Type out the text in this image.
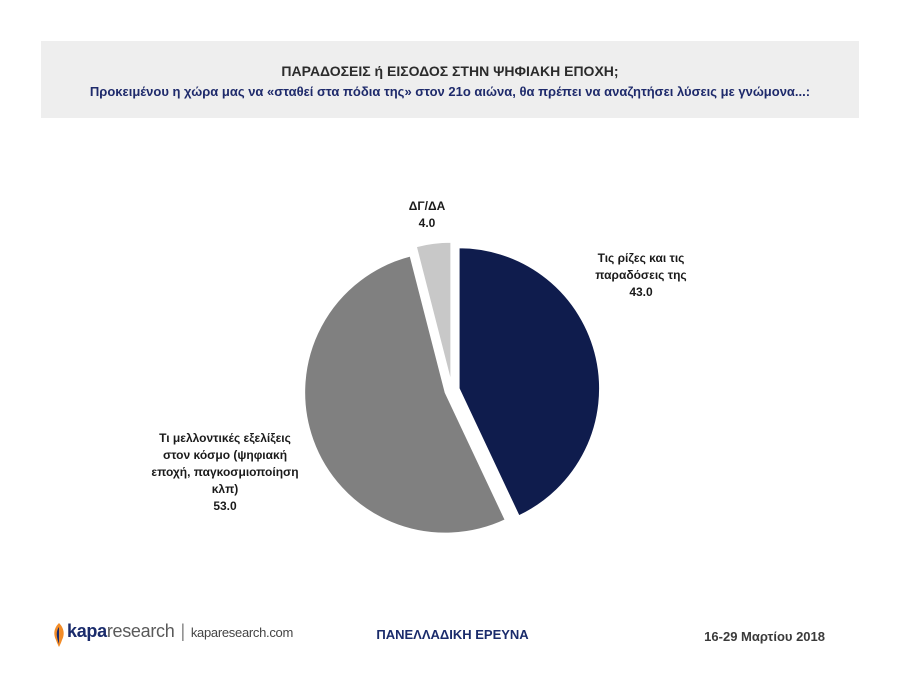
ΠΑΡΑΔΟΣΕΙΣ ή ΕΙΣΟΔΟΣ ΣΤΗΝ ΨΗΦΙΑΚΗ ΕΠΟΧΗ;
Προκειμένου η χώρα μας να «σταθεί στα πόδια της» στον 21ο αιώνα, θα πρέπει να αναζητήσει λύσεις με γνώμονα...:
Τις ρίζες και τις παραδόσεις της 43.0
Τι μελλοντικές εξελίξεις στον κόσμο (ψηφιακή εποχή, παγκοσμιοποίηση κλπ) 53.0
ΔΓ/ΔΑ 4.0
kaparesearch | kaparesearch.com	ΠΑΝΕΛΛΑΔΙΚΗ ΕΡΕΥΝΑ	16-29 Μαρτίου 2018
